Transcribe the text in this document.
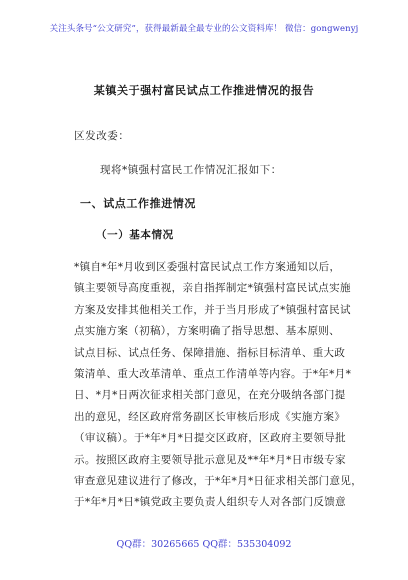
关注头条号“公文研究”，获得最新最全最专业的公文资料库！ 微信：gongwenyj
某镇关于强村富民试点工作推进情况的报告
区发改委：
现将*镇强村富民工作情况汇报如下：
一、试点工作推进情况
（一）基本情况
*镇自*年*月收到区委强村富民试点工作方案通知以后，
镇主要领导高度重视，亲自指挥制定*镇强村富民试点实施
方案及安排其他相关工作，并于当月形成了*镇强村富民试
点实施方案（初稿），方案明确了指导思想、基本原则、
试点目标、试点任务、保障措施、指标目标清单、重大政
策清单、重大改革清单、重点工作清单等内容。于*年*月*
日、*月*日两次征求相关部门意见，在充分吸纳各部门提
出的意见，经区政府常务副区长审核后形成《实施方案》
（审议稿）。于*年*月*日提交区政府，区政府主要领导批
示。按照区政府主要领导批示意见及**年*月*日市级专家
审查意见建议进行了修改，于*年*月*日征求相关部门意见，
于*年*月*日*镇党政主要负责人组织专人对各部门反馈意
QQ群：30265665 QQ群：535304092
